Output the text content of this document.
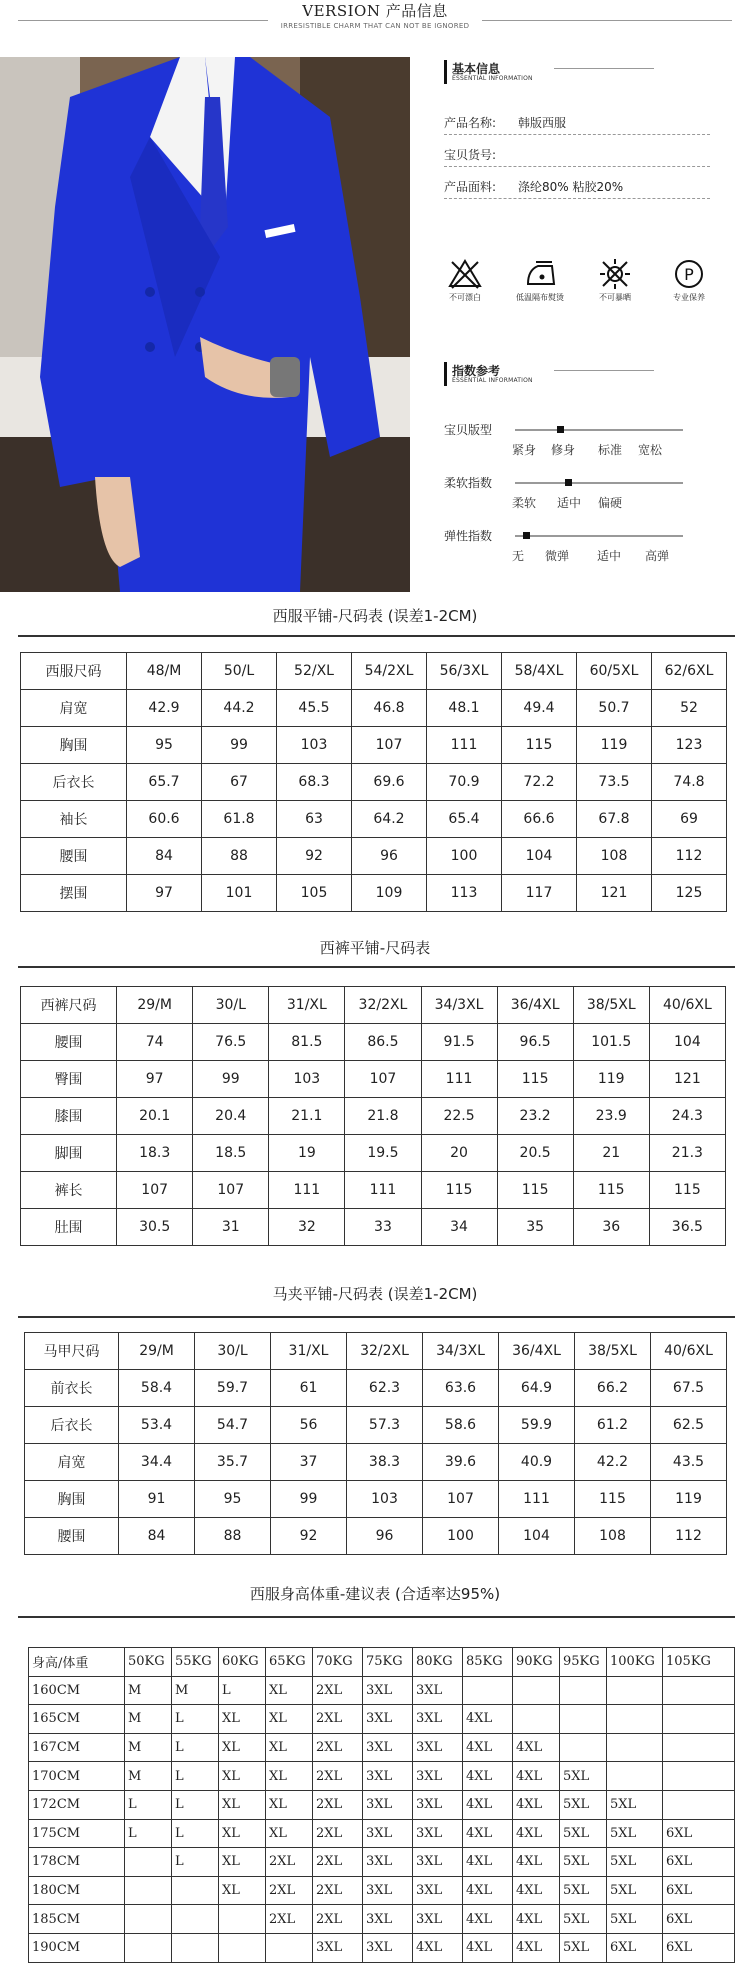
VERSION 产品信息
IRRESISTIBLE CHARM THAT CAN NOT BE IGNORED
基本信息
ESSENTIAL INFORMATION
产品名称: 韩版西服
宝贝货号:
产品面料: 涤纶80% 粘胶20%
不可漂白	低温隔布熨烫	不可暴晒
P
专业保养
指数参考
ESSENTIAL INFORMATION
宝贝版型
紧身 修身 标准 宽松
柔软指数
柔软 适中 偏硬
弹性指数
无 微弹 适中 高弹
西服平铺-尺码表 (误差1-2CM)
西服尺码	48/M	50/L	52/XL	54/2XL	56/3XL	58/4XL	60/5XL	62/6XL
肩宽	42.9	44.2	45.5	46.8	48.1	49.4	50.7	52
胸围	95	99	103	107	111	115	119	123
后衣长	65.7	67	68.3	69.6	70.9	72.2	73.5	74.8
袖长	60.6	61.8	63	64.2	65.4	66.6	67.8	69
腰围	84	88	92	96	100	104	108	112
摆围	97	101	105	109	113	117	121	125
西裤平铺-尺码表
西裤尺码	29/M	30/L	31/XL	32/2XL	34/3XL	36/4XL	38/5XL	40/6XL
腰围	74	76.5	81.5	86.5	91.5	96.5	101.5	104
臀围	97	99	103	107	111	115	119	121
膝围	20.1	20.4	21.1	21.8	22.5	23.2	23.9	24.3
脚围	18.3	18.5	19	19.5	20	20.5	21	21.3
裤长	107	107	111	111	115	115	115	115
肚围	30.5	31	32	33	34	35	36	36.5
马夹平铺-尺码表 (误差1-2CM)
马甲尺码	29/M	30/L	31/XL	32/2XL	34/3XL	36/4XL	38/5XL	40/6XL
前衣长	58.4	59.7	61	62.3	63.6	64.9	66.2	67.5
后衣长	53.4	54.7	56	57.3	58.6	59.9	61.2	62.5
肩宽	34.4	35.7	37	38.3	39.6	40.9	42.2	43.5
胸围	91	95	99	103	107	111	115	119
腰围	84	88	92	96	100	104	108	112
西服身高体重-建议表 (合适率达95%)
身高/体重	50KG	55KG	60KG	65KG	70KG	75KG	80KG	85KG	90KG	95KG	100KG	105KG
160CM	M	M	L	XL	2XL	3XL	3XL					
165CM	M	L	XL	XL	2XL	3XL	3XL	4XL				
167CM	M	L	XL	XL	2XL	3XL	3XL	4XL	4XL			
170CM	M	L	XL	XL	2XL	3XL	3XL	4XL	4XL	5XL		
172CM	L	L	XL	XL	2XL	3XL	3XL	4XL	4XL	5XL	5XL	
175CM	L	L	XL	XL	2XL	3XL	3XL	4XL	4XL	5XL	5XL	6XL
178CM		L	XL	2XL	2XL	3XL	3XL	4XL	4XL	5XL	5XL	6XL
180CM			XL	2XL	2XL	3XL	3XL	4XL	4XL	5XL	5XL	6XL
185CM				2XL	2XL	3XL	3XL	4XL	4XL	5XL	5XL	6XL
190CM					3XL	3XL	4XL	4XL	4XL	5XL	6XL	6XL
